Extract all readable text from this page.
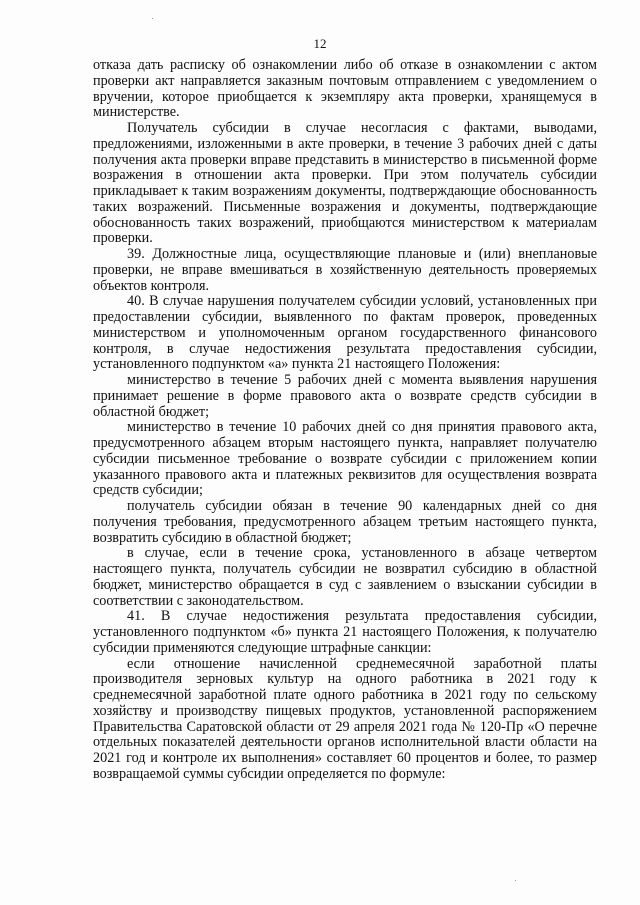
12

отказа дать расписку об ознакомлении либо об отказе в ознакомлении с актом проверки акт направляется заказным почтовым отправлением с уведомлением о вручении, которое приобщается к экземпляру акта проверки, хранящемуся в министерстве.

Получатель субсидии в случае несогласия с фактами, выводами, предложениями, изложенными в акте проверки, в течение 3 рабочих дней с даты получения акта проверки вправе представить в министерство в письменной форме возражения в отношении акта проверки. При этом получатель субсидии прикладывает к таким возражениям документы, подтверждающие обоснованность таких возражений. Письменные возражения и документы, подтверждающие обоснованность таких возражений, приобщаются министерством к материалам проверки.

39. Должностные лица, осуществляющие плановые и (или) внеплановые проверки, не вправе вмешиваться в хозяйственную деятельность проверяемых объектов контроля.

40. В случае нарушения получателем субсидии условий, установленных при предоставлении субсидии, выявленного по фактам проверок, проведенных министерством и уполномоченным органом государственного финансового контроля, в случае недостижения результата предоставления субсидии, установленного подпунктом «а» пункта 21 настоящего Положения:

министерство в течение 5 рабочих дней с момента выявления нарушения принимает решение в форме правового акта о возврате средств субсидии в областной бюджет;

министерство в течение 10 рабочих дней со дня принятия правового акта, предусмотренного абзацем вторым настоящего пункта, направляет получателю субсидии письменное требование о возврате субсидии с приложением копии указанного правового акта и платежных реквизитов для осуществления возврата средств субсидии;

получатель субсидии обязан в течение 90 календарных дней со дня получения требования, предусмотренного абзацем третьим настоящего пункта, возвратить субсидию в областной бюджет;

в случае, если в течение срока, установленного в абзаце четвертом настоящего пункта, получатель субсидии не возвратил субсидию в областной бюджет, министерство обращается в суд с заявлением о взыскании субсидии в соответствии с законодательством.

41. В случае недостижения результата предоставления субсидии, установленного подпунктом «б» пункта 21 настоящего Положения, к получателю субсидии применяются следующие штрафные санкции:

если отношение начисленной среднемесячной заработной платы производителя зерновых культур на одного работника в 2021 году к среднемесячной заработной плате одного работника в 2021 году по сельскому хозяйству и производству пищевых продуктов, установленной распоряжением Правительства Саратовской области от 29 апреля 2021 года № 120-Пр «О перечне отдельных показателей деятельности органов исполнительной власти области на 2021 год и контроле их выполнения» составляет 60 процентов и более, то размер возвращаемой суммы субсидии определяется по формуле:
